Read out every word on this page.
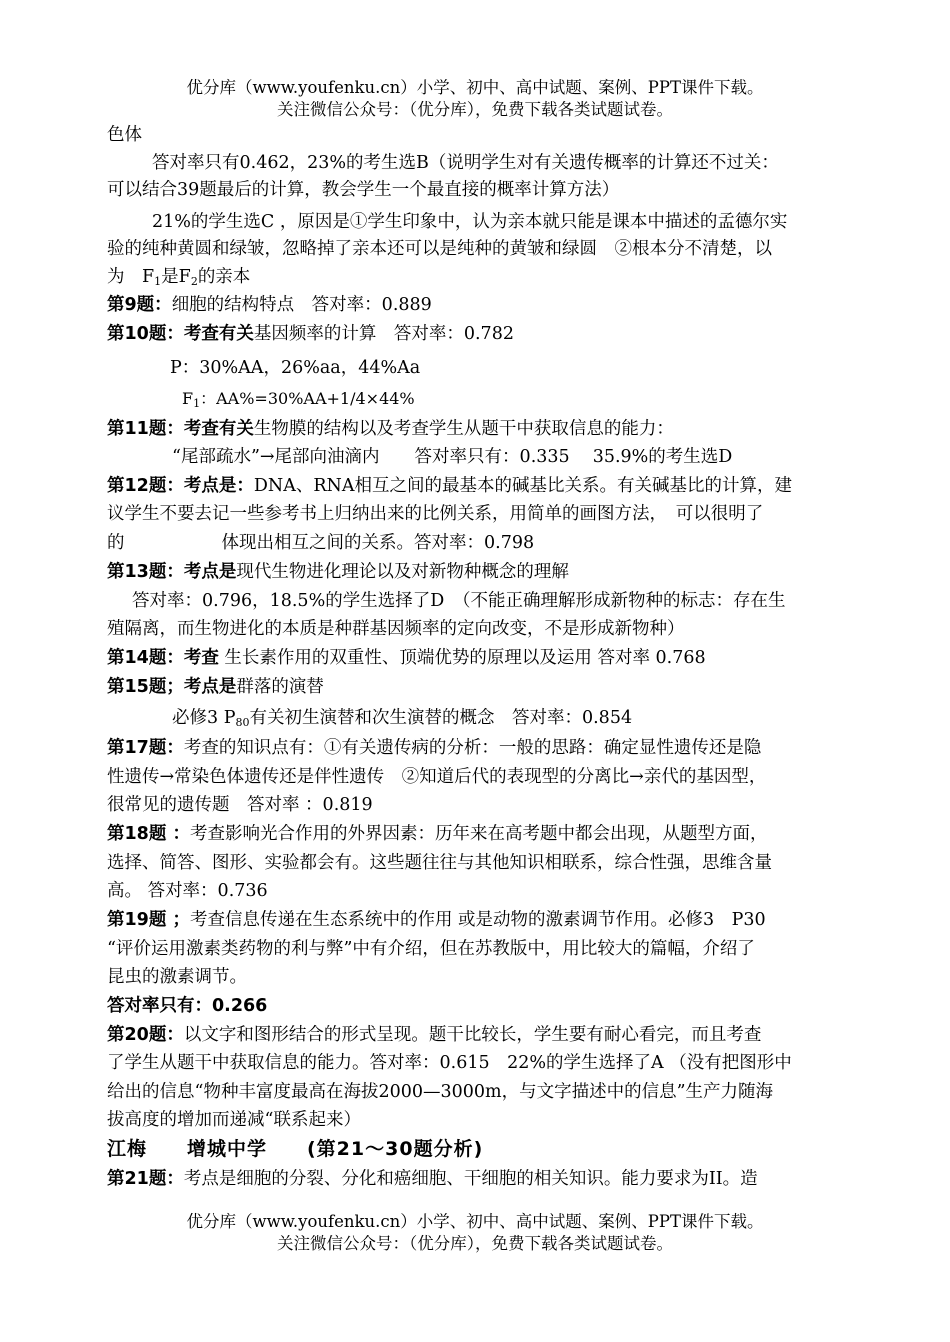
优分库（www.youfenku.cn）小学、初中、高中试题、案例、PPT课件下载。
关注微信公众号：（优分库），免费下载各类试题试卷。
色体
答对率只有0.462，23%的考生选B（说明学生对有关遗传概率的计算还不过关：
可以结合39题最后的计算，教会学生一个最直接的概率计算方法）
21%的学生选C ，原因是①学生印象中，认为亲本就只能是课本中描述的孟德尔实
验的纯种黄圆和绿皱，忽略掉了亲本还可以是纯种的黄皱和绿圆　②根本分不清楚，以
为　$F_1$是$F_2$的亲本
第9题：细胞的结构特点　答对率：0.889
第10题：考查有关基因频率的计算　答对率：0.782
P：30%AA，26%aa，44%Aa
$F_1$：AA%=30%AA+1/4×44%
第11题：考查有关生物膜的结构以及考查学生从题干中获取信息的能力：
“尾部疏水”→尾部向油滴内　　答对率只有：0.335　 35.9%的考生选D
第12题：考点是：DNA、RNA相互之间的最基本的碱基比关系。有关碱基比的计算，建
议学生不要去记一些参考书上归纳出来的比例关系，用简单的画图方法，　可以很明了
的	体现出相互之间的关系。答对率：0.798
第13题：考点是现代生物进化理论以及对新物种概念的理解
答对率：0.796，18.5%的学生选择了D　（不能正确理解形成新物种的标志：存在生
殖隔离，而生物进化的本质是种群基因频率的定向改变，不是形成新物种）
第14题：考查 生长素作用的双重性、顶端优势的原理以及运用 答对率 0.768
第15题；考点是群落的演替
必修3 $P_{80}$有关初生演替和次生演替的概念　答对率：0.854
第17题：考查的知识点有：①有关遗传病的分析：一般的思路：确定显性遗传还是隐
性遗传→常染色体遗传还是伴性遗传　②知道后代的表现型的分离比→亲代的基因型，
很常见的遗传题　答对率 ：0.819
第18题 ：考查影响光合作用的外界因素：历年来在高考题中都会出现，从题型方面，
选择、简答、图形、实验都会有。这些题往往与其他知识相联系，综合性强，思维含量
高。 答对率：0.736
第19题 ；考查信息传递在生态系统中的作用 或是动物的激素调节作用。必修3　P30
“评价运用激素类药物的利与弊”中有介绍，但在苏教版中，用比较大的篇幅，介绍了
昆虫的激素调节。
答对率只有：0.266
第20题：以文字和图形结合的形式呈现。题干比较长，学生要有耐心看完，而且考查
了学生从题干中获取信息的能力。答对率：0.615　22%的学生选择了A （没有把图形中
给出的信息“物种丰富度最高在海拔2000—3000m，与文字描述中的信息”生产力随海
拔高度的增加而递减“联系起来）
江梅　　增城中学　　(第21～30题分析)
第21题：考点是细胞的分裂、分化和癌细胞、干细胞的相关知识。能力要求为II。造
优分库（www.youfenku.cn）小学、初中、高中试题、案例、PPT课件下载。
关注微信公众号：（优分库），免费下载各类试题试卷。
